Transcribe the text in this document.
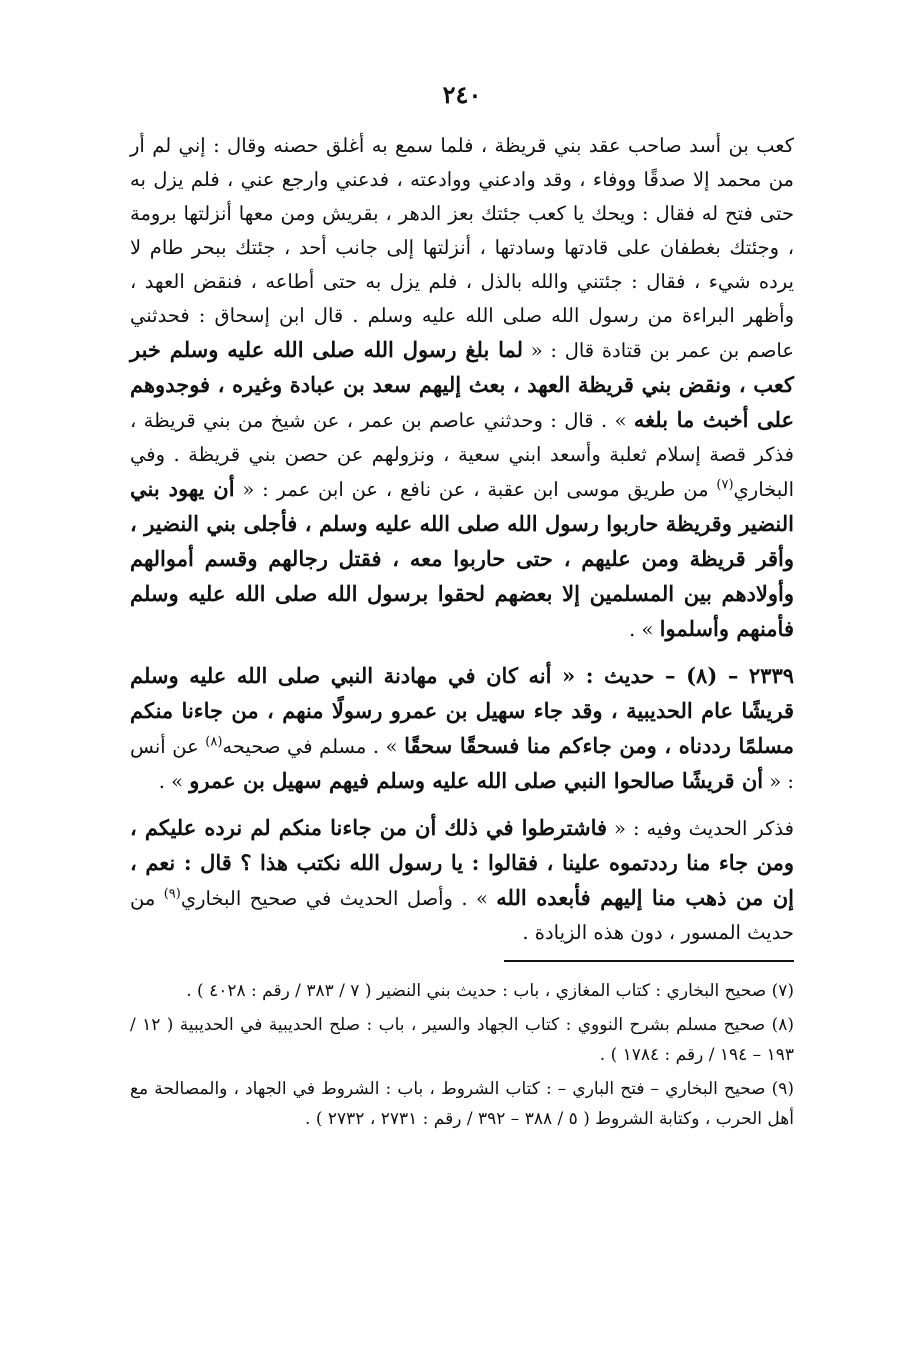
٢٤٠

كعب بن أسد صاحب عقد بني قريظة ، فلما سمع به أغلق حصنه وقال : إني لم أر من محمد إلا صدقًا ووفاء ، وقد وادعني ووادعته ، فدعني وارجع عني ، فلم يزل به حتى فتح له فقال : ويحك يا كعب جئتك بعز الدهر ، بقريش ومن معها أنزلتها برومة ، وجئتك بغطفان على قادتها وسادتها ، أنزلتها إلى جانب أحد ، جئتك ببحر طام لا يرده شيء ، فقال : جئتني والله بالذل ، فلم يزل به حتى أطاعه ، فنقض العهد ، وأظهر البراءة من رسول الله صلى الله عليه وسلم . قال ابن إسحاق : فحدثني عاصم بن عمر بن قتادة قال : « لما بلغ رسول الله صلى الله عليه وسلم خبر كعب ، ونقض بني قريظة العهد ، بعث إليهم سعد بن عبادة وغيره ، فوجدوهم على أخبث ما بلغه » . قال : وحدثني عاصم بن عمر ، عن شيخ من بني قريظة ، فذكر قصة إسلام ثعلبة وأسعد ابني سعية ، ونزولهم عن حصن بني قريظة . وفي البخاري$^{(٧)}$ من طريق موسى ابن عقبة ، عن نافع ، عن ابن عمر : « أن يهود بني النضير وقريظة حاربوا رسول الله صلى الله عليه وسلم ، فأجلى بني النضير ، وأقر قريظة ومن عليهم ، حتى حاربوا معه ، فقتل رجالهم وقسم أموالهم وأولادهم بين المسلمين إلا بعضهم لحقوا برسول الله صلى الله عليه وسلم فأمنهم وأسلموا » .

٢٣٣٩ – (٨) – حديث : « أنه كان في مهادنة النبي صلى الله عليه وسلم قريشًا عام الحديبية ، وقد جاء سهيل بن عمرو رسولًا منهم ، من جاءنا منكم مسلمًا رددناه ، ومن جاءكم منا فسحقًا سحقًا » . مسلم في صحيحه$^{(٨)}$ عن أنس : « أن قريشًا صالحوا النبي صلى الله عليه وسلم فيهم سهيل بن عمرو » .

فذكر الحديث وفيه : « فاشترطوا في ذلك أن من جاءنا منكم لم نرده عليكم ، ومن جاء منا رددتموه علينا ، فقالوا : يا رسول الله نكتب هذا ؟ قال : نعم ، إن من ذهب منا إليهم فأبعده الله » . وأصل الحديث في صحيح البخاري$^{(٩)}$ من حديث المسور ، دون هذه الزيادة .

(٧) صحيح البخاري : كتاب المغازي ، باب : حديث بني النضير ( ٧ / ٣٨٣ / رقم : ٤٠٢٨ ) .

(٨) صحيح مسلم بشرح النووي : كتاب الجهاد والسير ، باب : صلح الحديبية في الحديبية ( ١٢ / ١٩٣ – ١٩٤ / رقم : ١٧٨٤ ) .

(٩) صحيح البخاري – فتح الباري – : كتاب الشروط ، باب : الشروط في الجهاد ، والمصالحة مع أهل الحرب ، وكتابة الشروط ( ٥ / ٣٨٨ – ٣٩٢ / رقم : ٢٧٣١ ، ٢٧٣٢ ) .
